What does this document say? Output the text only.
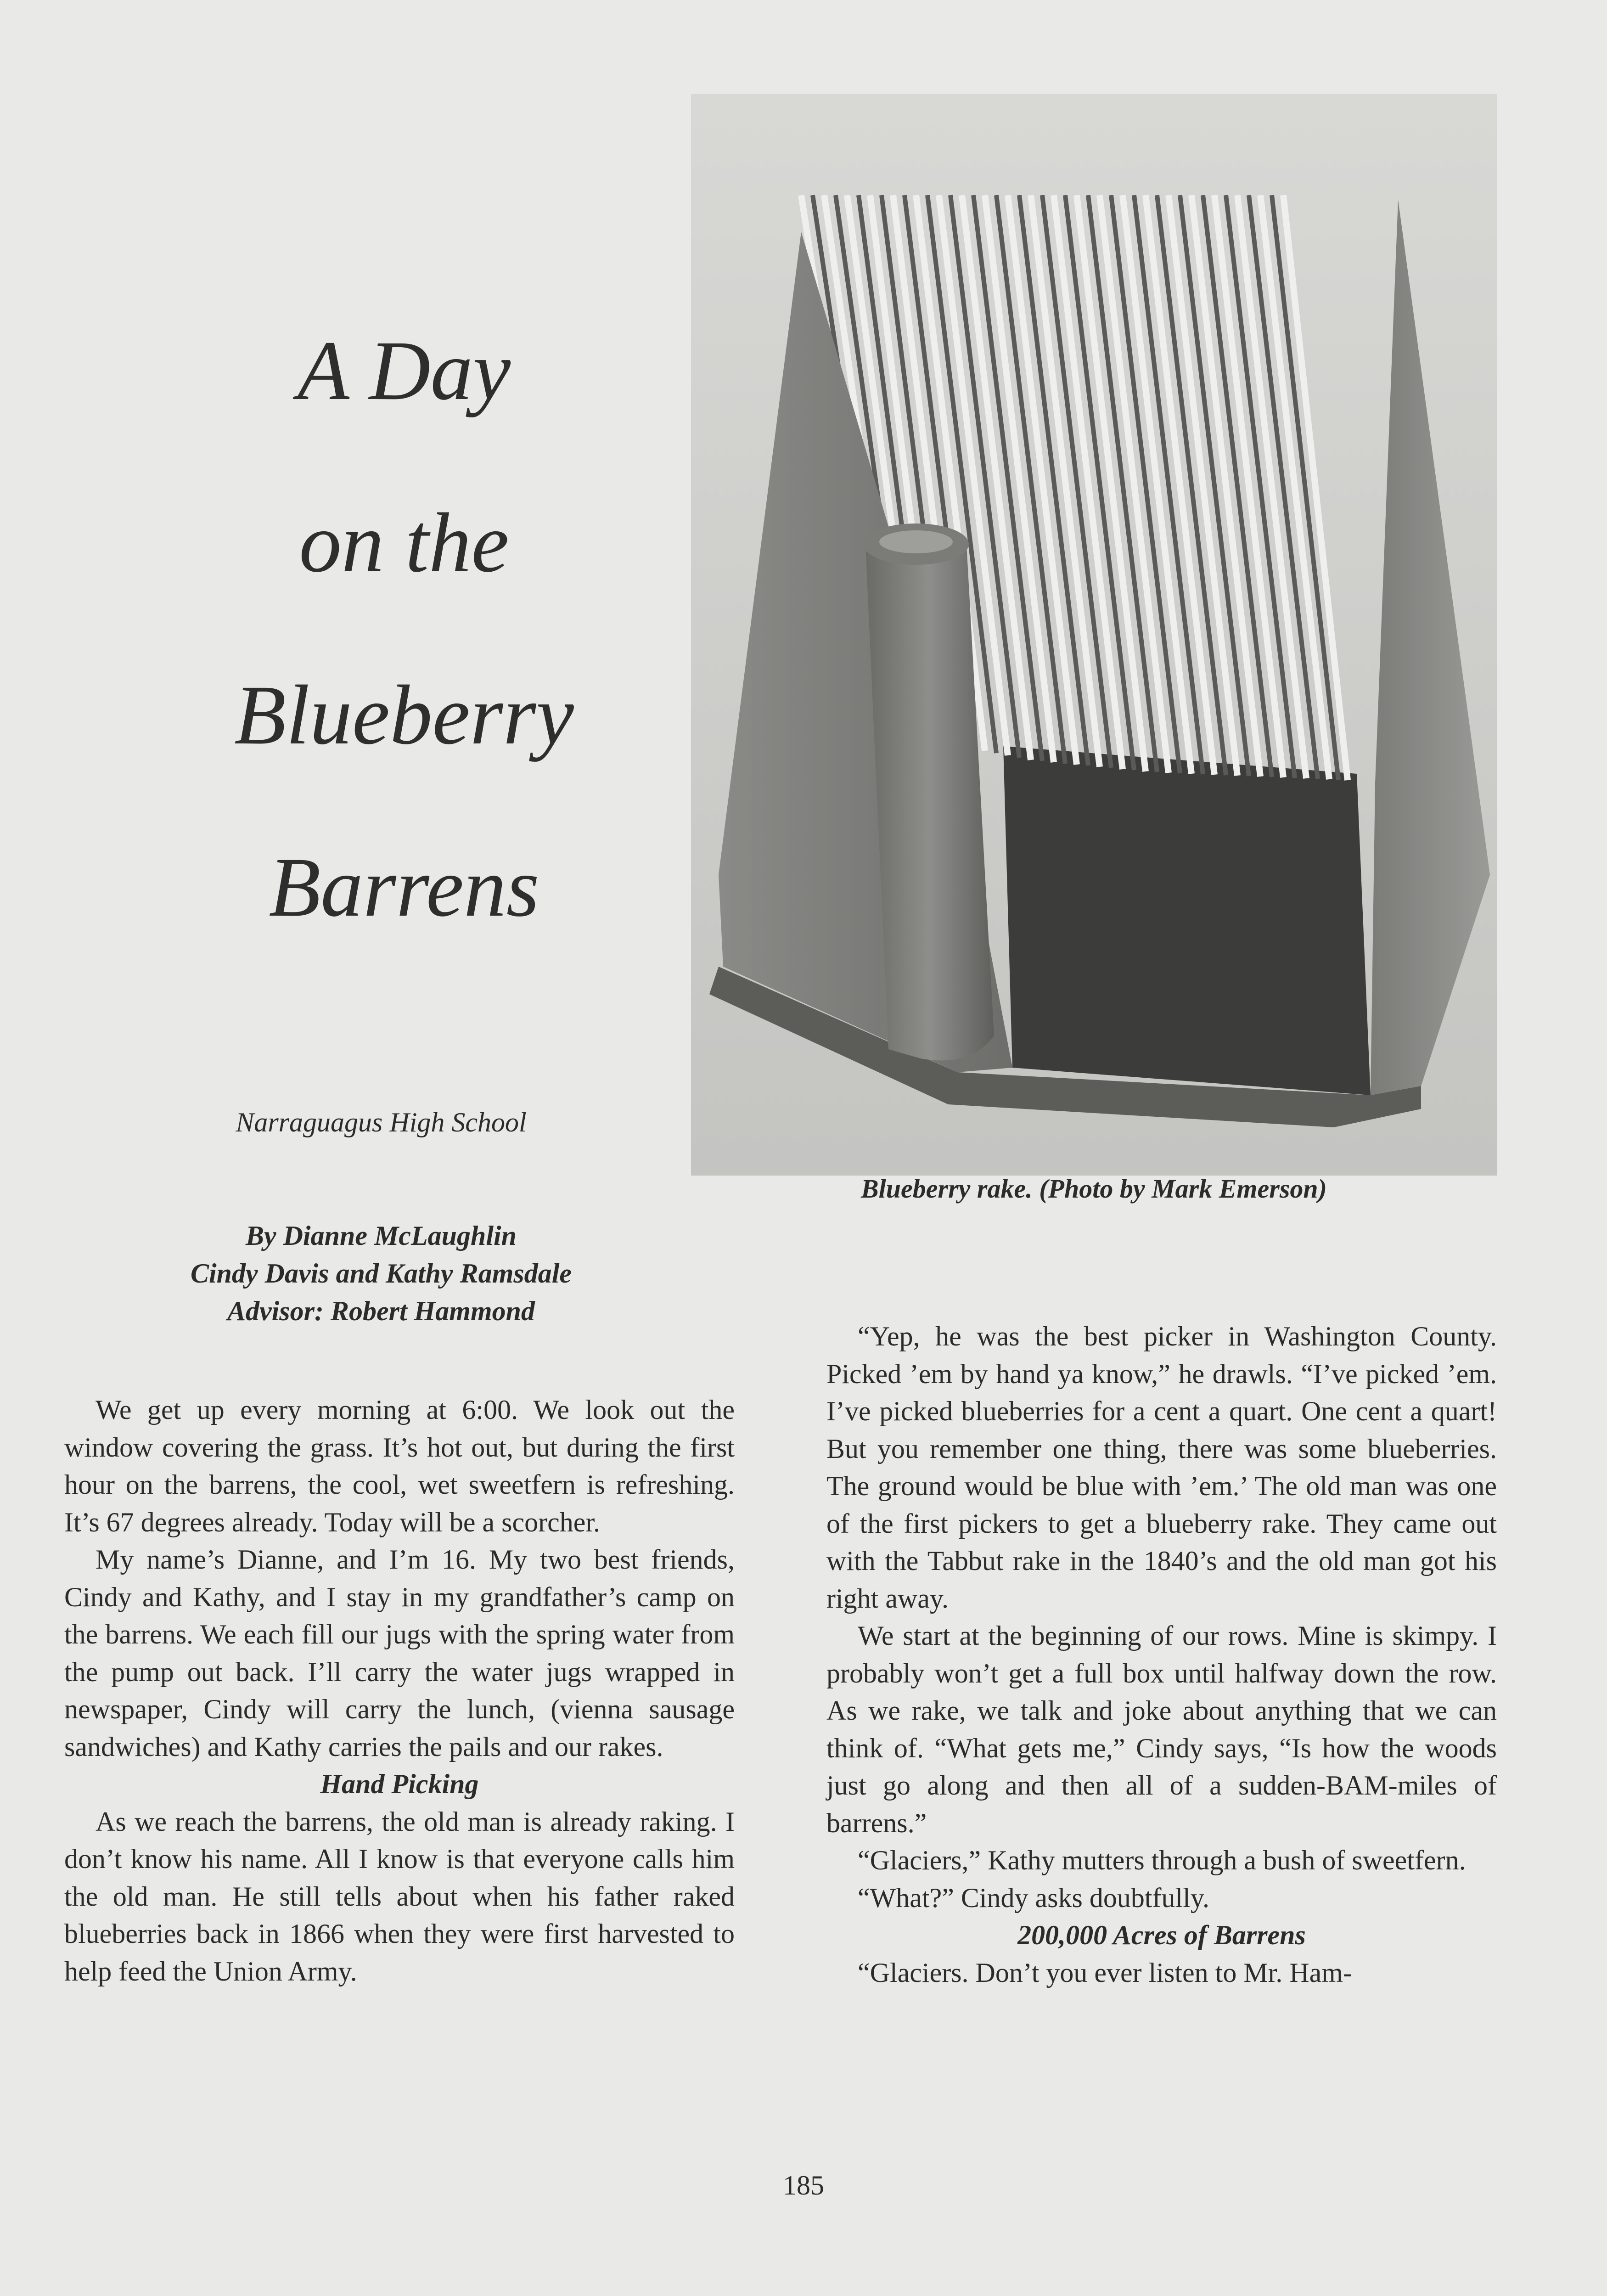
A Day
on the
Blueberry
Barrens
Blueberry rake. (Photo by Mark Emerson)
Narraguagus High School
By Dianne McLaughlin
Cindy Davis and Kathy Ramsdale
Advisor: Robert Hammond

We get up every morning at 6:00. We look out the window covering the grass. It’s hot out, but during the first hour on the barrens, the cool, wet sweetfern is refreshing. It’s 67 degrees already. Today will be a scorcher.

My name’s Dianne, and I’m 16. My two best friends, Cindy and Kathy, and I stay in my grandfather’s camp on the barrens. We each fill our jugs with the spring water from the pump out back. I’ll carry the water jugs wrapped in newspaper, Cindy will carry the lunch, (vienna sausage sandwiches) and Kathy carries the pails and our rakes.

Hand Picking

As we reach the barrens, the old man is already raking. I don’t know his name. All I know is that everyone calls him the old man. He still tells about when his father raked blueberries back in 1866 when they were first harvested to help feed the Union Army.

“Yep, he was the best picker in Washington County. Picked ’em by hand ya know,” he drawls. “I’ve picked ’em. I’ve picked blueberries for a cent a quart. One cent a quart! But you remember one thing, there was some blueberries. The ground would be blue with ’em.’ The old man was one of the first pickers to get a blueberry rake. They came out with the Tabbut rake in the 1840’s and the old man got his right away.

We start at the beginning of our rows. Mine is skimpy. I probably won’t get a full box until halfway down the row. As we rake, we talk and joke about anything that we can think of. “What gets me,” Cindy says, “Is how the woods just go along and then all of a sudden-BAM-miles of barrens.”

“Glaciers,” Kathy mutters through a bush of sweetfern.

“What?” Cindy asks doubtfully.

200,000 Acres of Barrens

“Glaciers. Don’t you ever listen to Mr. Ham-

185
